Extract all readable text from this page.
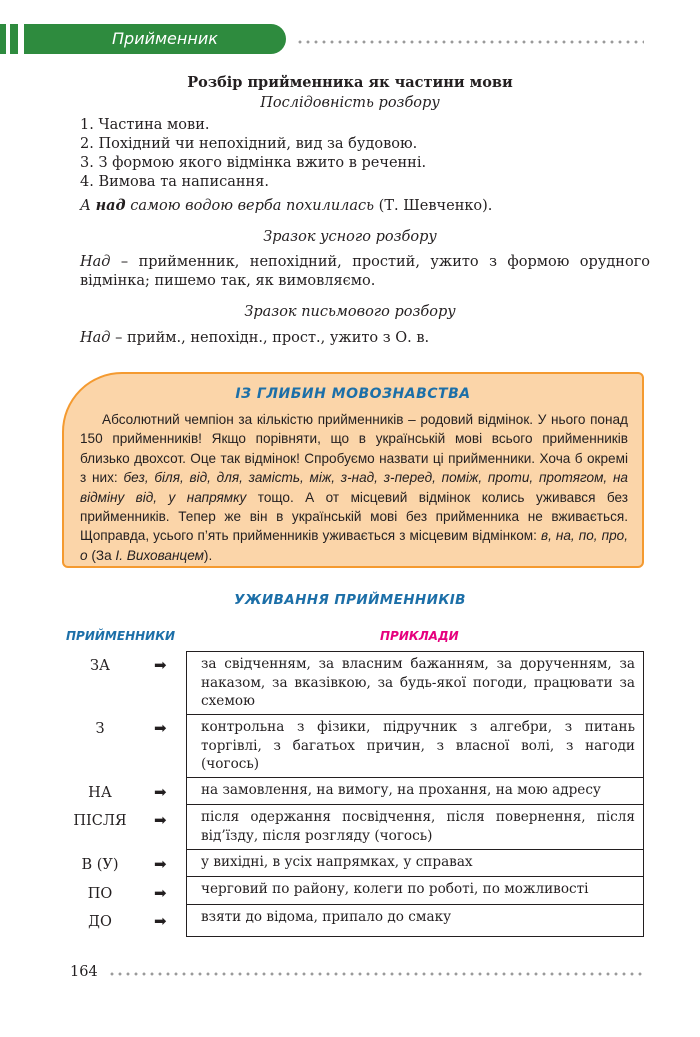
Прийменник
Розбір прийменника як частини мови
Послідовність розбору
1. Частина мови.
2. Похідний чи непохідний, вид за будовою.
3. З формою якого відмінка вжито в реченні.
4. Вимова та написання.
А над самою водою верба похилилась (Т. Шевченко).
Зразок усного розбору
Над – прийменник, непохідний, простий, ужито з формою орудного
відмінка; пишемо так, як вимовляємо.
Зразок письмового розбору
Над – прийм., непохідн., прост., ужито з О. в.
ІЗ ГЛИБИН МОВОЗНАВСТВА
Абсолютний чемпіон за кількістю прийменників – родовий відмінок. У нього понад 150 прийменників! Якщо порівняти, що в українській мові всього прийменників близько двохсот. Оце так відмінок! Спробуємо назвати ці прийменники. Хоча б окремі з них: без, біля, від, для, замість, між, з-над, з-перед, поміж, проти, протягом, на відміну від, у напрямку тощо. А от місцевий відмінок колись уживався без прийменників. Тепер же він в українській мові без прийменника не вживається. Щоправда, усього п’ять прийменників уживається з місцевим відмінком: в, на, по, про, о (За І. Вихованцем).
УЖИВАННЯ ПРИЙМЕННИКІВ
ПРИЙМЕННИКИ	ПРИКЛАДИ
ЗА	➡	за свідченням, за власним бажанням, за дорученням, за наказом, за вказівкою, за будь-якої погоди, працювати за схемою
З	➡	контрольна з фізики, підручник з алгебри, з питань торгівлі, з багатьох причин, з власної волі, з нагоди (чогось)
НА	➡	на замовлення, на вимогу, на прохання, на мою адресу
ПІСЛЯ ➡	після одержання посвідчення, після повернення, після від’їзду, після розгляду (чогось)
В (У)	➡	у вихідні, в усіх напрямках, у справах
ПО	➡	черговий по району, колеги по роботі, по можливості
ДО	➡	взяти до відома, припало до смаку
164
